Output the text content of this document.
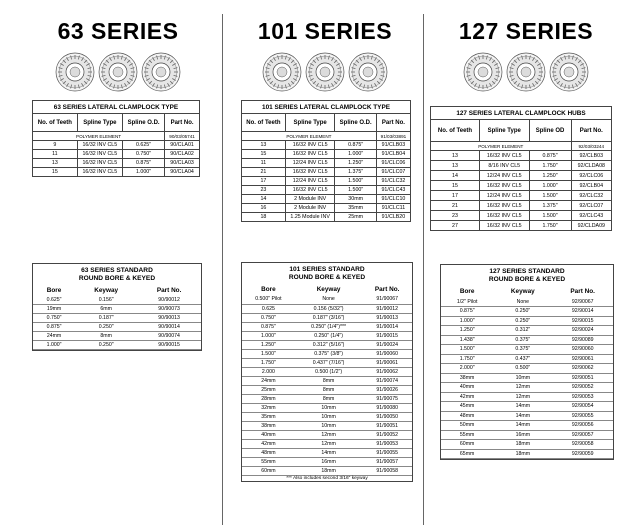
63 SERIES
63 SERIES LATERAL CLAMPLOCK TYPE			
No. of Teeth	Spline Type	Spline O.D.	Part No.
POLYMER ELEMENT			90/03/05741
9	16/32 INV CL5	0.625"	90/CLA01
11	16/32 INV CL5	0.750"	90/CLA02
13	16/32 INV CL5	0.875"	90/CLA03
15	16/32 INV CL5	1.000"	90/CLA04
63 SERIES STANDARD
ROUND BORE & KEYED
Bore	Keyway	Part No.
0.625"	0.156"	90/90012
19mm	6mm	90/90073
0.750"	0.187"	90/90013
0.875"	0.250"	90/90014
24mm	8mm	90/90074
1.000"	0.250"	90/90015
101 SERIES
101 SERIES LATERAL CLAMPLOCK TYPE			
No. of Teeth	Spline Type	Spline O.D.	Part No.
POLYMER ELEMENT			91/03/03891
13	16/32 INV CL5	0.875"	91/CLB03
15	16/32 INV CL5	1.000"	91/CLB04
11	12/24 INV CL5	1.250"	91/CLC06
21	16/32 INV CL5	1.375"	91/CLC07
17	12/24 INV CL5	1.500"	91/CLC32
23	16/32 INV CL5	1.500"	91/CLC43
14	2 Module INV	30mm	91/CLC10
16	2 Module INV	35mm	91/CLC11
18	1.25 Module INV	25mm	91/CLB20
101 SERIES STANDARD
ROUND BORE & KEYED
Bore	Keyway	Part No.
0.500" Pilot	None	91/90067
0.625	0.156 (5/32")	91/90012
0.750"	0.187" (3/16")	91/90013
0.875"	0.250" (1/4")***	91/90014
1.000"	0.250" (1/4")	91/90015
1.250"	0.312" (5/16")	91/90024
1.500"	0.375" (3/8")	91/90060
1.750"	0.437" (7/16")	91/90061
2.000	0.500 (1/2")	91/90062
24mm	8mm	91/90074
25mm	8mm	91/90026
28mm	8mm	91/90075
32mm	10mm	91/90080
35mm	10mm	91/90050
38mm	10mm	91/90051
40mm	12mm	91/90052
42mm	12mm	91/90053
48mm	14mm	91/90055
55mm	16mm	91/90057
60mm	18mm	91/90058
*** Also includes second 3/16" keyway
127 SERIES
127 SERIES LATERAL CLAMPLOCK HUBS			
No. of Teeth	Spline Type	Spline OD	Part No.
POLYMER ELEMENT			92/03/03244
13	16/32 INV CL5	0.875"	92/CLB03
13	8/16 INV CL5	1.750"	92/CLDA08
14	12/24 INV CL5	1.250"	92/CLC06
15	16/32 INV CL5	1.000"	92/CLB04
17	12/24 INV CL5	1.500"	92/CLC32
21	16/32 INV CL5	1.375"	92/CLC07
23	16/32 INV CL5	1.500"	92/CLC43
27	16/32 INV CL5	1.750"	92/CLDA09
127 SERIES STANDARD
ROUND BORE & KEYED
Bore	Keyway	Part No.
1/2" Pilot	None	92/90067
0.875"	0.250"	92/90014
1.000"	0.250"	92/90015
1.250"	0.312"	92/90024
1.438"	0.375"	92/90089
1.500"	0.375"	92/90060
1.750"	0.437"	92/90061
2.000"	0.500"	92/90062
38mm	10mm	92/90051
40mm	12mm	92/90052
42mm	12mm	92/90053
45mm	14mm	92/90054
48mm	14mm	92/90055
50mm	14mm	92/90056
55mm	16mm	92/90057
60mm	18mm	92/90058
65mm	18mm	92/90059
